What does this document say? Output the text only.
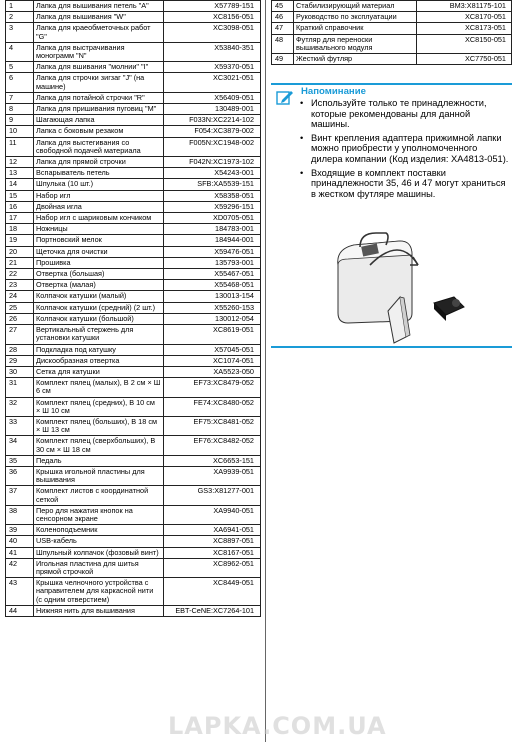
1	Лапка для вышивания петель "A"	X57789-151
2	Лапка для вышивания "W"	XC8156-051
3	Лапка для краеобметочных работ "G"	XC3098-051
4	Лапка для выстрачивания монограмм "N"	X53840-351
5	Лапка для вшивания "молнии" "I"	X59370-051
6	Лапка для строчки зигзаг "J" (на машине)	XC3021-051
7	Лапка для потайной строчки "R"	X56409-051
8	Лапка для пришивания пуговиц "M"	130489-001
9	Шагающая лапка	F033N:XC2214-102
10	Лапка с боковым резаком	F054:XC3879-002
11	Лапка для выстегивания со свободной подачей материала	F005N:XC1948-002
12	Лапка для прямой строчки	F042N:XC1973-102
13	Вспарыватель петель	X54243-001
14	Шпулька (10 шт.)	SFB:XA5539-151
15	Набор игл	X58358-051
16	Двойная игла	X59296-151
17	Набор игл с шариковым кончиком	XD0705-051
18	Ножницы	184783-001
19	Портновский мелок	184944-001
20	Щеточка для очистки	X59476-051
21	Прошивка	135793-001
22	Отвертка (большая)	X55467-051
23	Отвертка (малая)	X55468-051
24	Колпачок катушки (малый)	130013-154
25	Колпачок катушки (средний) (2 шт.)	X55260-153
26	Колпачок катушки (большой)	130012-054
27	Вертикальный стержень для установки катушки	XC8619-051
28	Подкладка под катушку	X57045-051
29	Дискообразная отвертка	XC1074-051
30	Сетка для катушки	XA5523-050
31	Комплект пялец (малых), В 2 см × Ш 6 см	EF73:XC8479-052
32	Комплект пялец (средних), В 10 см × Ш 10 см	FE74:XC8480-052
33	Комплект пялец (больших), В 18 см × Ш 13 см	EF75:XC8481-052
34	Комплект пялец (сверхбольших), В 30 см × Ш 18 см	EF76:XC8482-052
35	Педаль	XC6653-151
36	Крышка игольной пластины для вышивания	XA9939-051
37	Комплект листов с координатной сеткой	GS3:X81277-001
38	Перо для нажатия кнопок на сенсорном экране	XA9940-051
39	Коленоподъемник	XA6941-051
40	USB-кабель	XC8897-051
41	Шпульный колпачок (фозовый винт)	XC8167-051
42	Игольная пластина для шитья прямой строчкой	XC8962-051
43	Крышка челночного устройства с направителем для каркасной нити (с одним отверстием)	XC8449-051
44	Нижняя нить для вышивания	EBT-CeNE:XC7264-101
45	Стабилизирующий материал	BM3:X81175-101
46	Руководство по эксплуатации	XC8170-051
47	Краткий справочник	XC8173-051
48	Футляр для переноски вышивального модуля	XC8150-051
49	Жесткий футляр	XC7750-051
Напоминание
• Используйте только те принадлежности, которые рекомендованы для данной машины.
• Винт крепления адаптера прижимной лапки можно приобрести у уполномоченного дилера компании (Код изделия: XA4813-051).
• Входящие в комплект поставки принадлежности 35, 46 и 47 могут храниться в жестком футляре машины.
LAPKA.COM.UA
